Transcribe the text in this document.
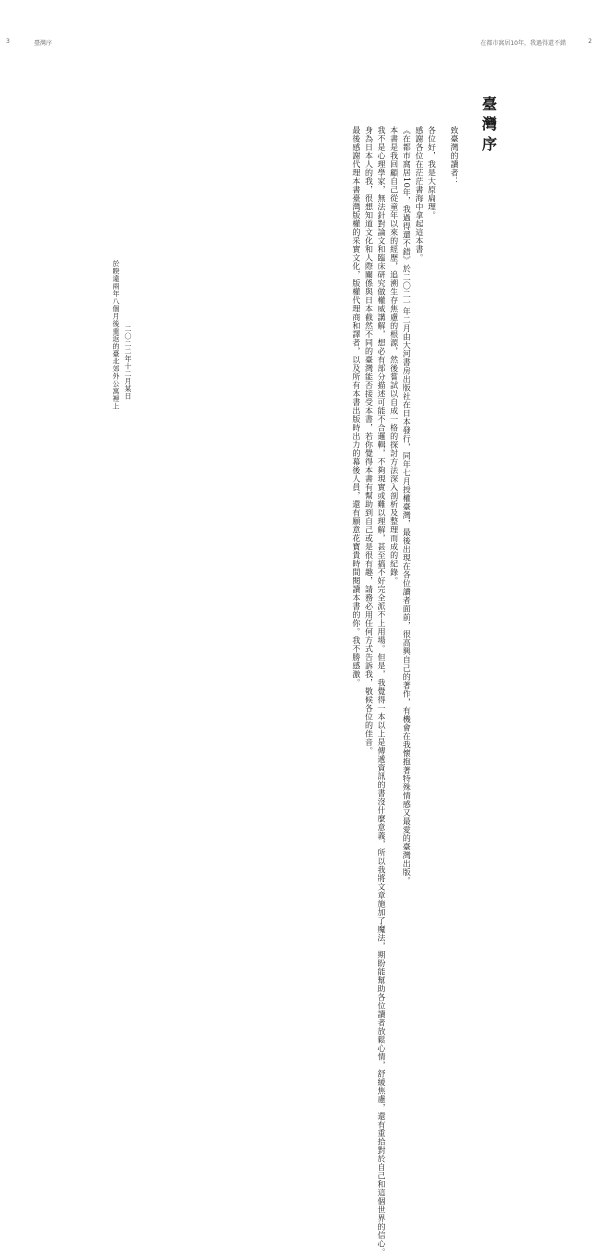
3	臺灣序	在都市窩居10年，我過得還不錯	2
臺灣序

致臺灣的讀者：

各位好，我是大原扁理。

感謝各位在茫茫書海中拿起這本書。

《在都市窩居10年，我過得還不錯》於二〇二一年二月由大河書房出版社在日本發行，同年七月授權臺灣，最後出現在各位讀者面前，很高興自己的著作，有機會在我懷抱著特殊情感又最愛的臺灣出版。

本書是我回顧自己從童年以來的經歷，追溯生存焦慮的根源，然後嘗試以自成一格的探討方法深入剖析及整理而成的紀錄。

我不是心理學家，無法針對論文和臨床研究做權威講解，想必有部分描述可能不合邏輯，不夠現實或難以理解，甚至搞不好完全派不上用場。但是，我覺得一本以上是傳遞資訊的書沒什麼意義，所以我將文章施加了魔法，期盼能幫助各位讀者放鬆心情，舒緩焦慮，還有重拾對於自己和這個世界的信心。

身為日本人的我，很想知道文化和人際關係與日本截然不同的臺灣能否接受本書，若你覺得本書有幫助到自己或是很有趣，請務必用任何方式告訴我，敬候各位的佳音。

最後感謝代理本書臺灣版權的采實文化，版權代理商和譯者，以及所有本書出版時出力的幕後人員，還有願意花寶貴時間閱讀本書的你。我不勝感激。

二〇二二年十二月某日

於睽違兩年八個月後重返的臺北郊外公寓裡上
